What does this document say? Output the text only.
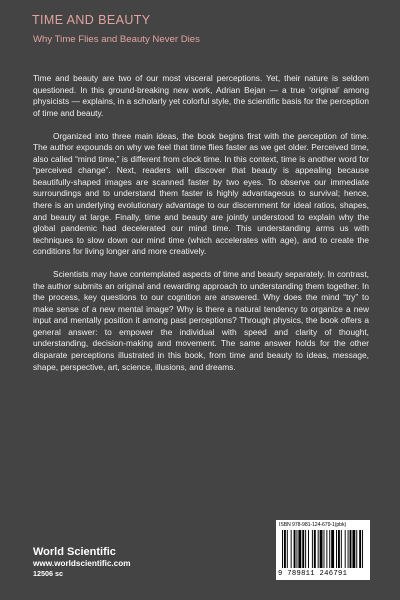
TIME AND BEAUTY
Why Time Flies and Beauty Never Dies

Time and beauty are two of our most visceral perceptions. Yet, their nature is seldom questioned. In this ground-breaking new work, Adrian Bejan — a true ‘original’ among physicists — explains, in a scholarly yet colorful style, the scientific basis for the perception of time and beauty.

Organized into three main ideas, the book begins first with the perception of time. The author expounds on why we feel that time flies faster as we get older. Perceived time, also called “mind time,” is different from clock time. In this context, time is another word for “perceived change”. Next, readers will discover that beauty is appealing because beautifully-shaped images are scanned faster by two eyes. To observe our immediate surroundings and to understand them faster is highly advantageous to survival; hence, there is an underlying evolutionary advantage to our discernment for ideal ratios, shapes, and beauty at large. Finally, time and beauty are jointly understood to explain why the global pandemic had decelerated our mind time. This understanding arms us with techniques to slow down our mind time (which accelerates with age), and to create the conditions for living longer and more creatively.

Scientists may have contemplated aspects of time and beauty separately. In contrast, the author submits an original and rewarding approach to understanding them together. In the process, key questions to our cognition are answered. Why does the mind “try” to make sense of a new mental image? Why is there a natural tendency to organize a new input and mentally position it among past perceptions? Through physics, the book offers a general answer: to empower the individual with speed and clarity of thought, understanding, decision-making and movement. The same answer holds for the other disparate perceptions illustrated in this book, from time and beauty to ideas, message, shape, perspective, art, science, illusions, and dreams.

World Scientific
www.worldscientific.com
12506 sc
ISBN 978-981-124-679-1(pbk)
9 789811 246791
